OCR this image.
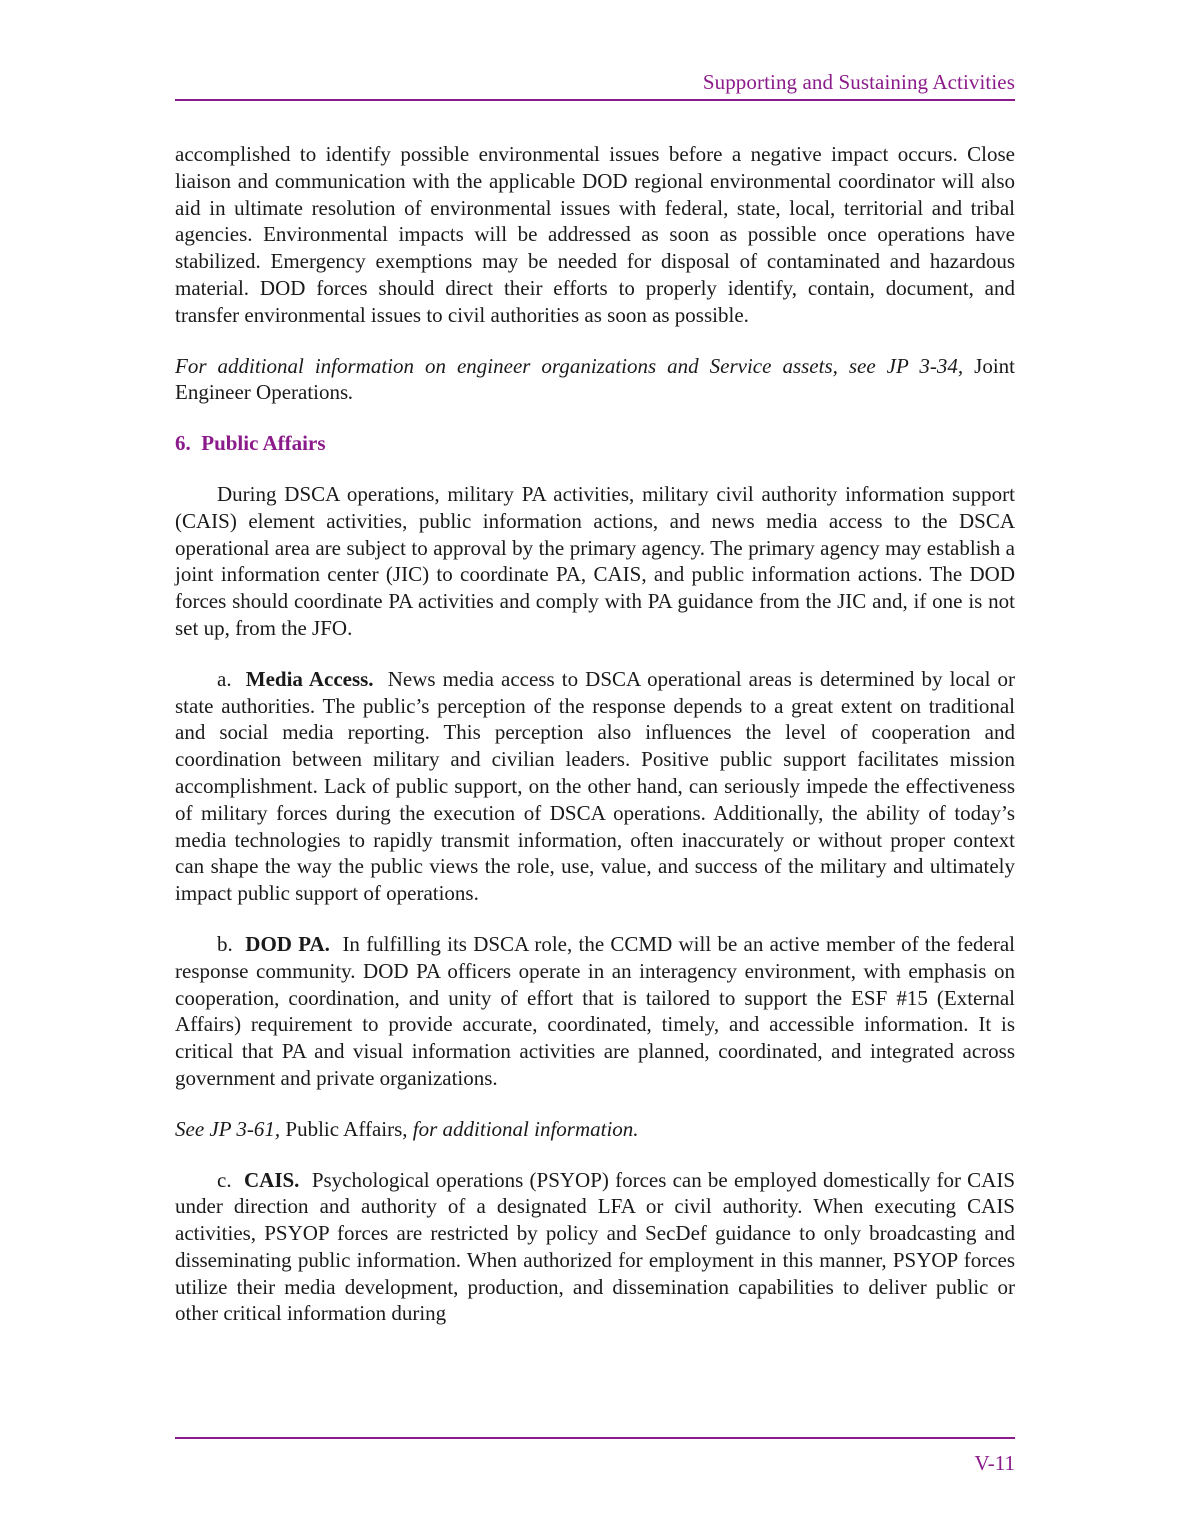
Supporting and Sustaining Activities

accomplished to identify possible environmental issues before a negative impact occurs. Close liaison and communication with the applicable DOD regional environmental coordinator will also aid in ultimate resolution of environmental issues with federal, state, local, territorial and tribal agencies. Environmental impacts will be addressed as soon as possible once operations have stabilized. Emergency exemptions may be needed for disposal of contaminated and hazardous material. DOD forces should direct their efforts to properly identify, contain, document, and transfer environmental issues to civil authorities as soon as possible.

For additional information on engineer organizations and Service assets, see JP 3-34, Joint Engineer Operations.

6. Public Affairs

During DSCA operations, military PA activities, military civil authority information support (CAIS) element activities, public information actions, and news media access to the DSCA operational area are subject to approval by the primary agency. The primary agency may establish a joint information center (JIC) to coordinate PA, CAIS, and public information actions. The DOD forces should coordinate PA activities and comply with PA guidance from the JIC and, if one is not set up, from the JFO.

a. Media Access. News media access to DSCA operational areas is determined by local or state authorities. The public’s perception of the response depends to a great extent on traditional and social media reporting. This perception also influences the level of cooperation and coordination between military and civilian leaders. Positive public support facilitates mission accomplishment. Lack of public support, on the other hand, can seriously impede the effectiveness of military forces during the execution of DSCA operations. Additionally, the ability of today’s media technologies to rapidly transmit information, often inaccurately or without proper context can shape the way the public views the role, use, value, and success of the military and ultimately impact public support of operations.

b. DOD PA. In fulfilling its DSCA role, the CCMD will be an active member of the federal response community. DOD PA officers operate in an interagency environment, with emphasis on cooperation, coordination, and unity of effort that is tailored to support the ESF #15 (External Affairs) requirement to provide accurate, coordinated, timely, and accessible information. It is critical that PA and visual information activities are planned, coordinated, and integrated across government and private organizations.

See JP 3-61, Public Affairs, for additional information.

c. CAIS. Psychological operations (PSYOP) forces can be employed domestically for CAIS under direction and authority of a designated LFA or civil authority. When executing CAIS activities, PSYOP forces are restricted by policy and SecDef guidance to only broadcasting and disseminating public information. When authorized for employment in this manner, PSYOP forces utilize their media development, production, and dissemination capabilities to deliver public or other critical information during

V-11
